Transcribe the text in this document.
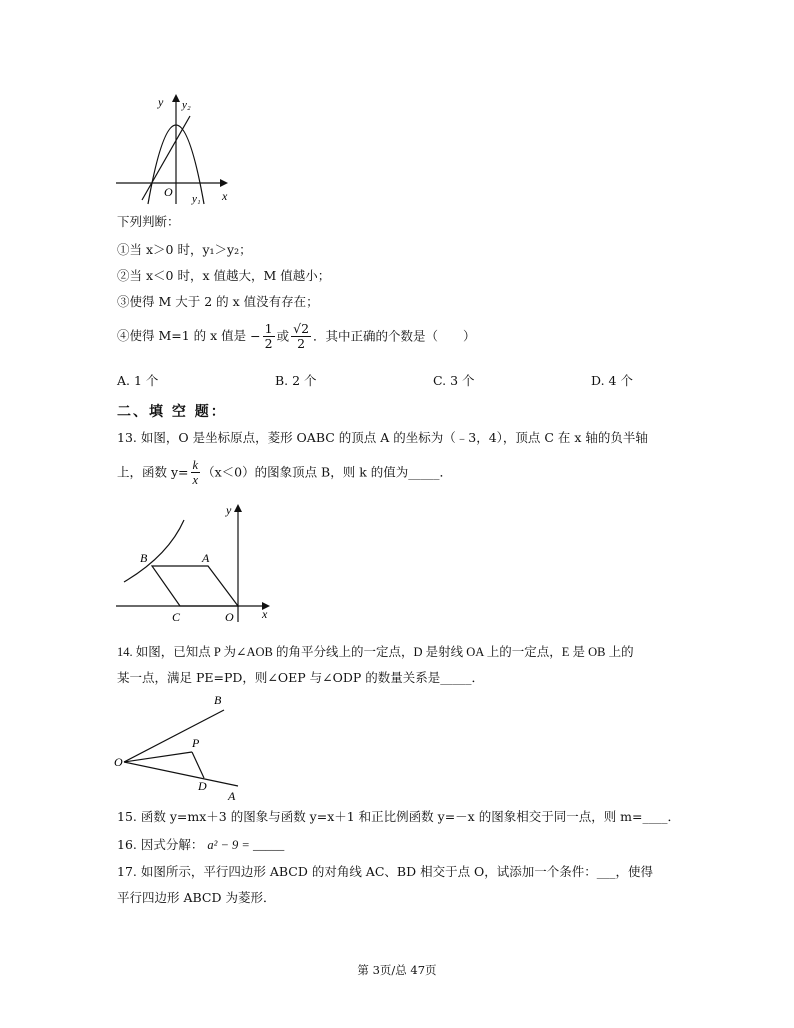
y y₂
O y₁ x
下列判断：
①当 x＞0 时，y₁＞y₂；
②当 x＜0 时，x 值越大，M 值越小；
③使得 M 大于 2 的 x 值没有存在；
④使得 M=1 的 x 值是 − $\frac{1}{2}$ 或 $\frac{√2}{2}$ ．其中正确的个数是（　　）
A. 1 个	B. 2 个	C. 3 个	D. 4 个
二、填 空 题：
13. 如图，O 是坐标原点，菱形 OABC 的顶点 A 的坐标为（﹣3，4），顶点 C 在 x 轴的负半轴
上，函数 $y= \frac{k}{x} (x<0)$的图象顶点 B，则 k 的值为_____．
y
B	A
C	O x
14. 如图，已知点 P 为∠AOB 的角平分线上的一定点，D 是射线 OA 上的一定点，E 是 OB 上的
某一点，满足 PE=PD，则∠OEP 与∠ODP 的数量关系是_____．
B
P
O
D
A
15. 函数 y=mx＋3 的图象与函数 y=x＋1 和正比例函数 y=－x 的图象相交于同一点，则 m=____．
16. 因式分解： a² − 9 = _____
17. 如图所示，平行四边形 ABCD 的对角线 AC、BD 相交于点 O，试添加一个条件：___，使得
平行四边形 ABCD 为菱形．
第 3页/总 47页
